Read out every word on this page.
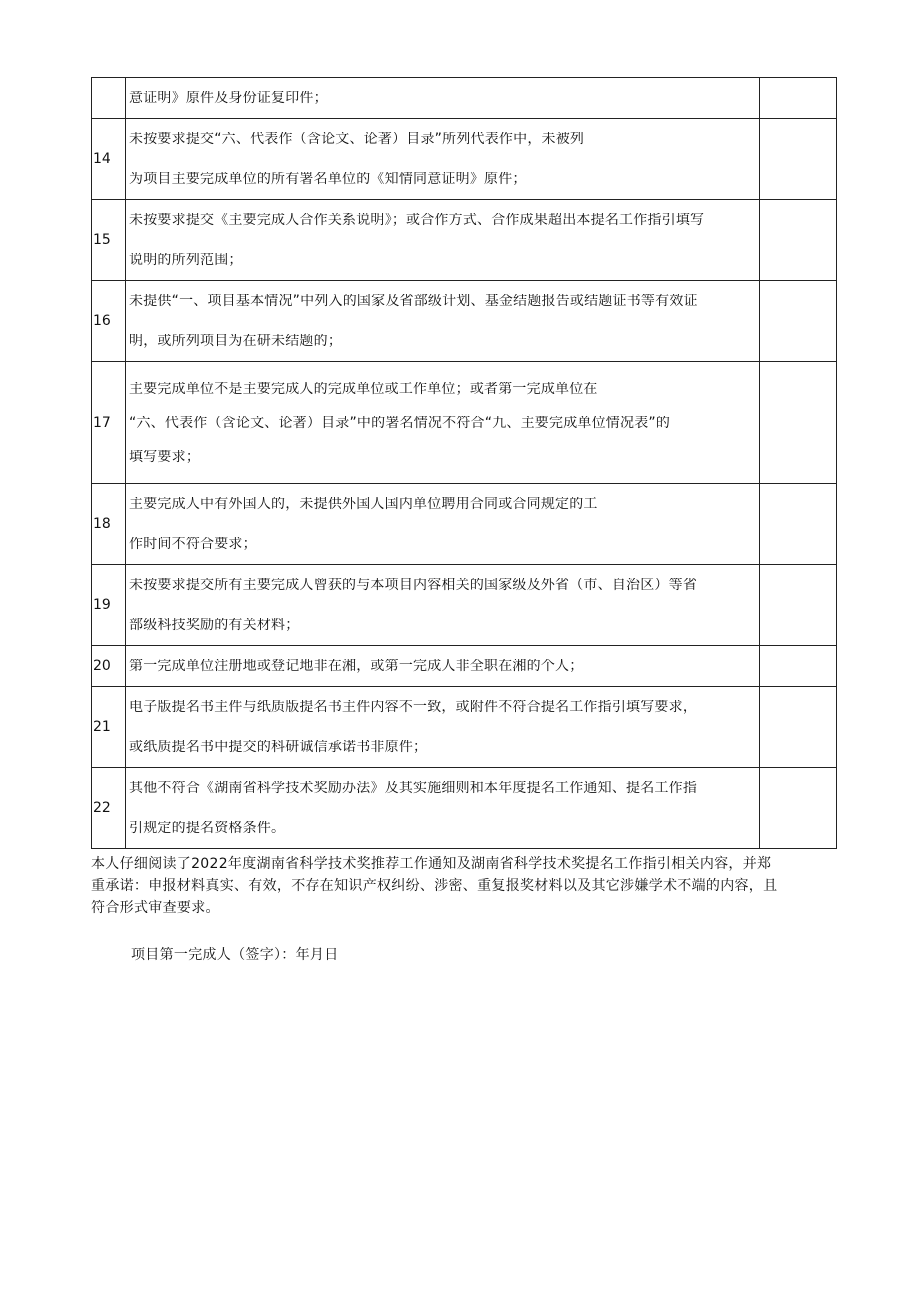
	意证明》原件及身份证复印件；	

14	未按要求提交“六、代表作（含论文、论著）目录”所列代表作中，未被列
为项目主要完成单位的所有署名单位的《知情同意证明》原件；	

15	未按要求提交《主要完成人合作关系说明》；或合作方式、合作成果超出本提名工作指引填写
说明的所列范围；	

16	未提供“一、项目基本情况”中列入的国家及省部级计划、基金结题报告或结题证书等有效证
明，或所列项目为在研未结题的；	

17	主要完成单位不是主要完成人的完成单位或工作单位；或者第一完成单位在
“六、代表作（含论文、论著）目录”中的署名情况不符合“九、主要完成单位情况表”的
填写要求；	

18	主要完成人中有外国人的，未提供外国人国内单位聘用合同或合同规定的工
作时间不符合要求；	

19	未按要求提交所有主要完成人曾获的与本项目内容相关的国家级及外省（市、自治区）等省
部级科技奖励的有关材料；	

20	第一完成单位注册地或登记地非在湘，或第一完成人非全职在湘的个人；	

21	电子版提名书主件与纸质版提名书主件内容不一致，或附件不符合提名工作指引填写要求，
或纸质提名书中提交的科研诚信承诺书非原件；	

22	其他不符合《湖南省科学技术奖励办法》及其实施细则和本年度提名工作通知、提名工作指
引规定的提名资格条件。	

本人仔细阅读了2022年度湖南省科学技术奖推荐工作通知及湖南省科学技术奖提名工作指引相关内容，并郑
重承诺：申报材料真实、有效，不存在知识产权纠纷、涉密、重复报奖材料以及其它涉嫌学术不端的内容，且
符合形式审查要求。
项目第一完成人（签字）：年月日
